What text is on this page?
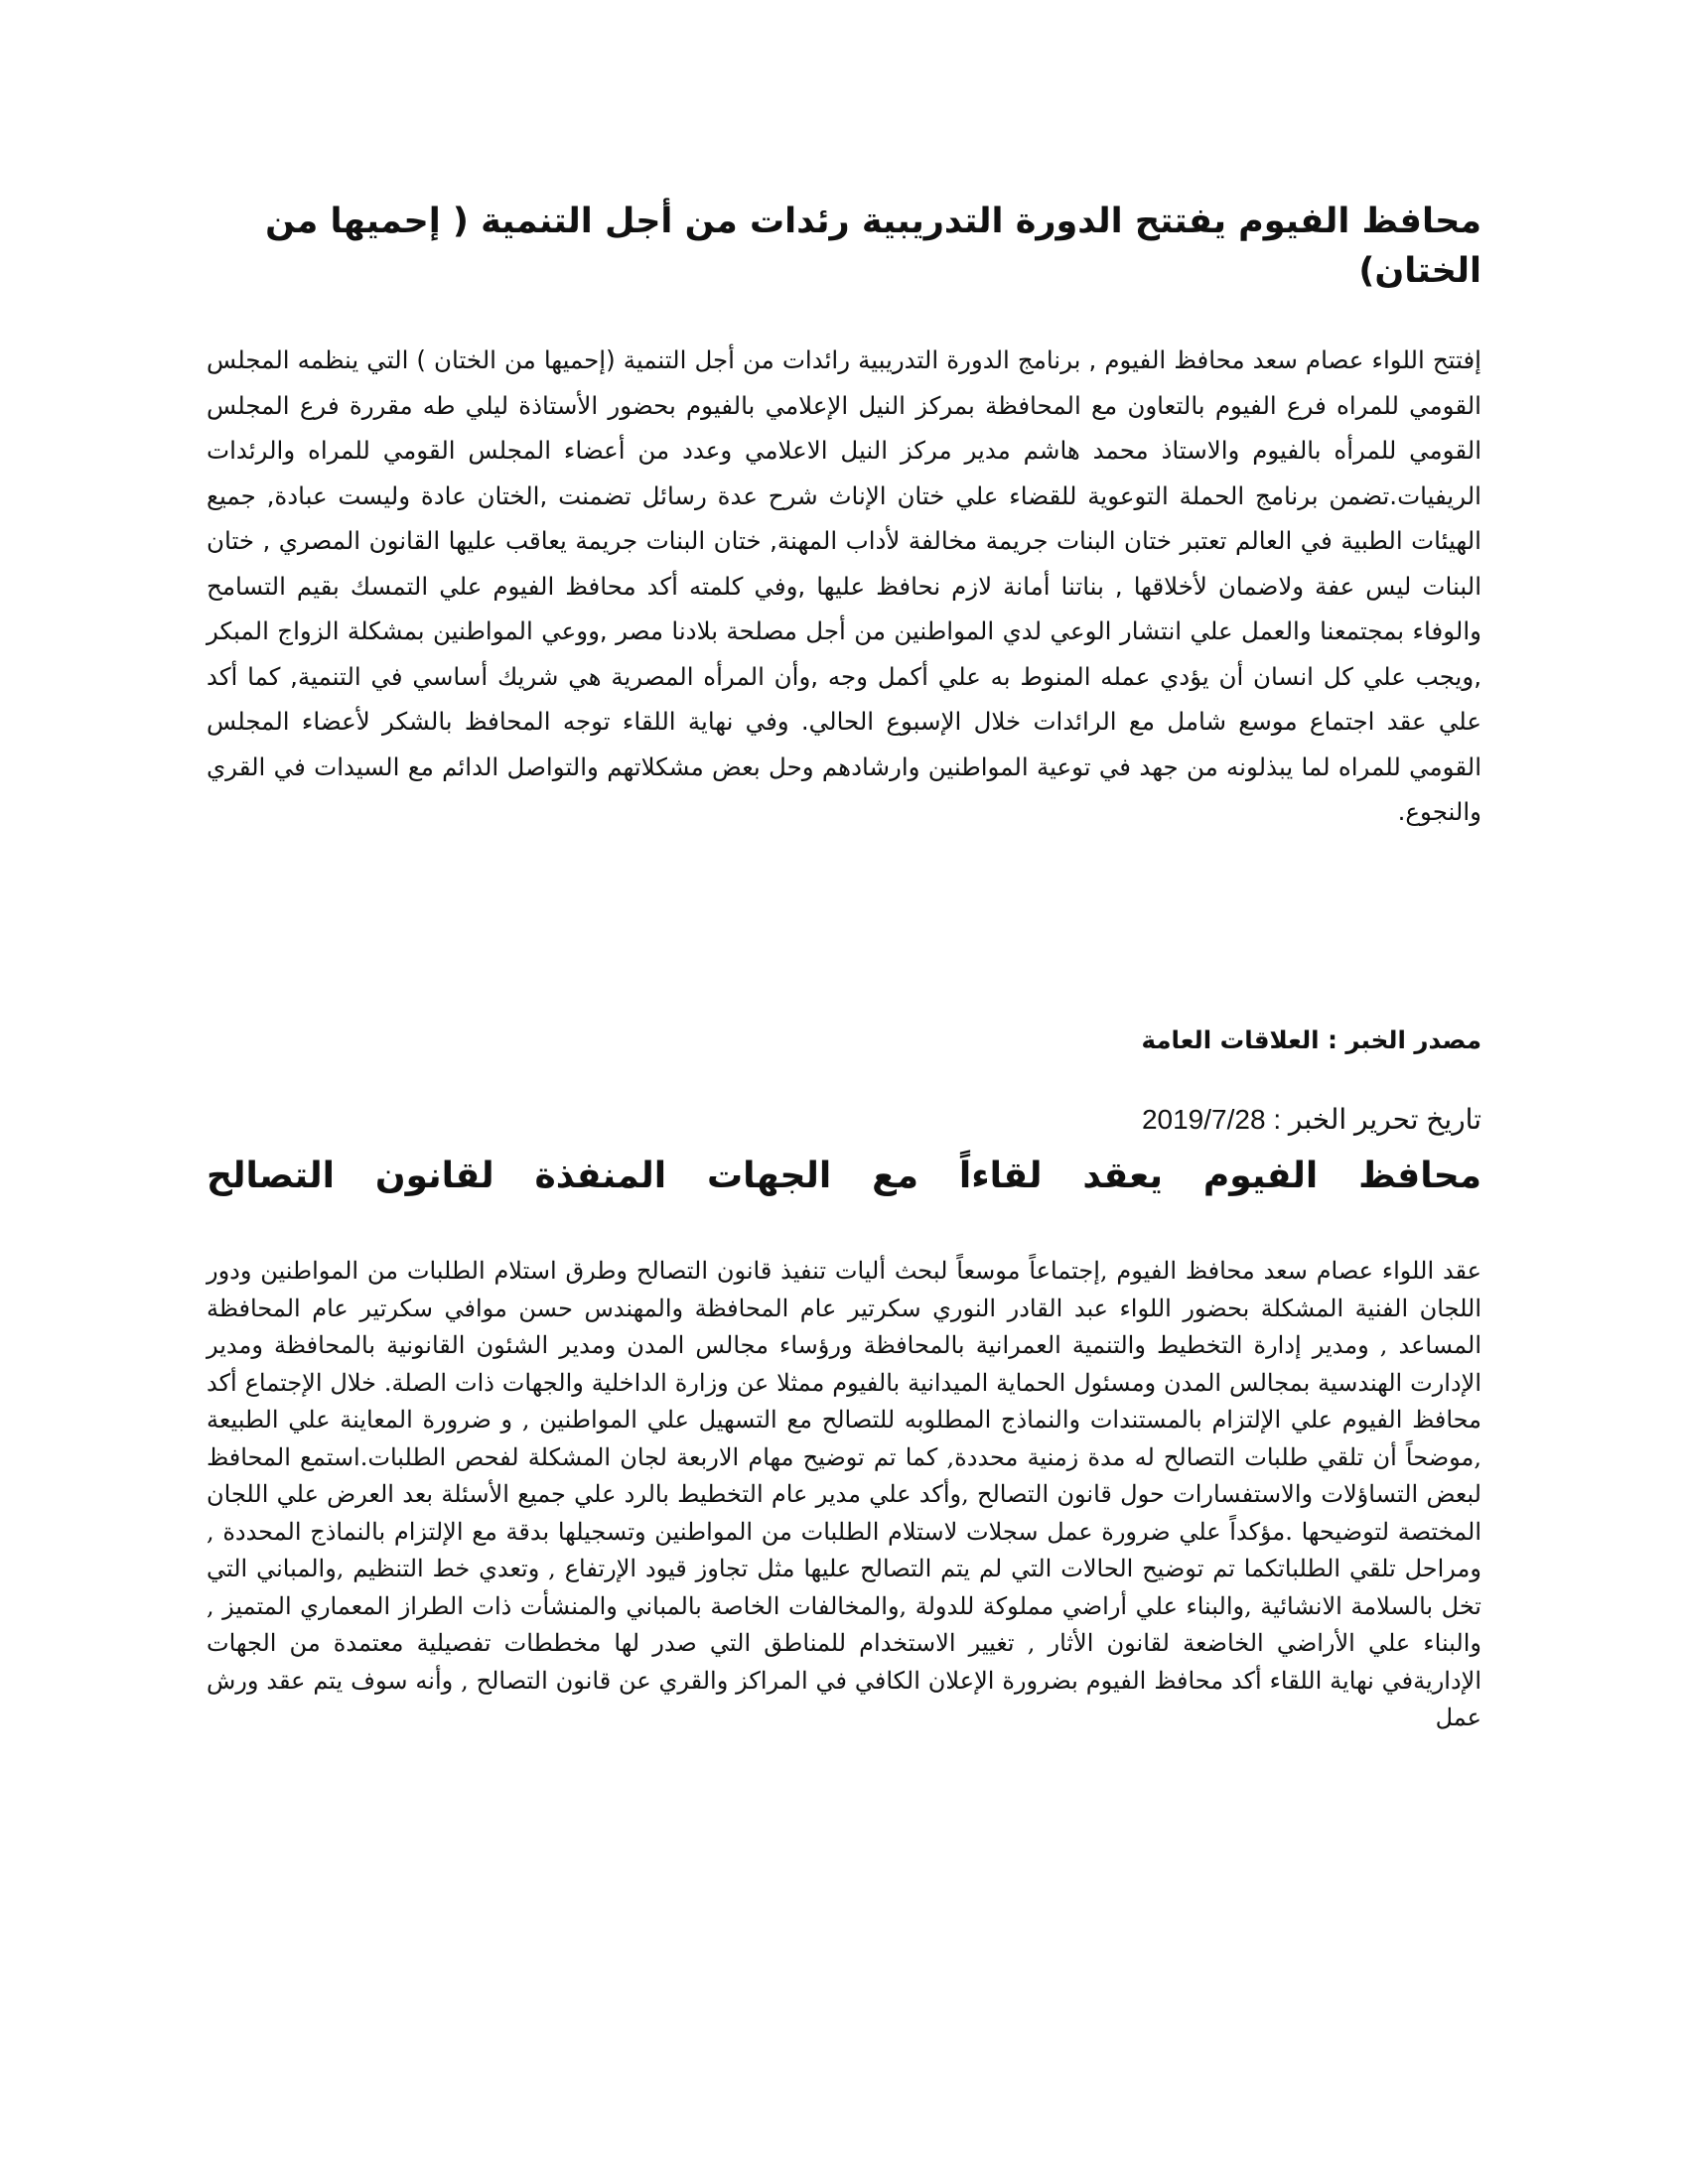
محافظ الفيوم يفتتح الدورة التدريبية رئدات من أجل التنمية ( إحميها من الختان)

إفتتح اللواء عصام سعد محافظ الفيوم , برنامج الدورة التدريبية رائدات من أجل التنمية (إحميها من الختان ) التي ينظمه المجلس القومي للمراه فرع الفيوم بالتعاون مع المحافظة بمركز النيل الإعلامي بالفيوم بحضور الأستاذة ليلي طه مقررة فرع المجلس القومي للمرأه بالفيوم والاستاذ محمد هاشم مدير مركز النيل الاعلامي وعدد من أعضاء المجلس القومي للمراه والرئدات الريفيات.تضمن برنامج الحملة التوعوية للقضاء علي ختان الإناث شرح عدة رسائل تضمنت ,الختان عادة وليست عبادة, جميع الهيئات الطبية في العالم تعتبر ختان البنات جريمة مخالفة لأداب المهنة, ختان البنات جريمة يعاقب عليها القانون المصري , ختان البنات ليس عفة ولاضمان لأخلاقها , بناتنا أمانة لازم نحافظ عليها ,وفي كلمته أكد محافظ الفيوم علي التمسك بقيم التسامح والوفاء بمجتمعنا والعمل علي انتشار الوعي لدي المواطنين من أجل مصلحة بلادنا مصر ,ووعي المواطنين بمشكلة الزواج المبكر ,ويجب علي كل انسان أن يؤدي عمله المنوط به علي أكمل وجه ,وأن المرأه المصرية هي شريك أساسي في التنمية, كما أكد علي عقد اجتماع موسع شامل مع الرائدات خلال الإسبوع الحالي. وفي نهاية اللقاء توجه المحافظ بالشكر لأعضاء المجلس القومي للمراه لما يبذلونه من جهد في توعية المواطنين وارشادهم وحل بعض مشكلاتهم والتواصل الدائم مع السيدات في القري والنجوع.

مصدر الخبر : العلاقات العامة

تاريخ تحرير الخبر : 2019/7/28

محافظ الفيوم يعقد لقاءاً مع الجهات المنفذة لقانون التصالح

عقد اللواء عصام سعد محافظ الفيوم ,إجتماعاً موسعاً لبحث أليات تنفيذ قانون التصالح وطرق استلام الطلبات من المواطنين ودور اللجان الفنية المشكلة بحضور اللواء عبد القادر النوري سكرتير عام المحافظة والمهندس حسن موافي سكرتير عام المحافظة المساعد , ومدير إدارة التخطيط والتنمية العمرانية بالمحافظة ورؤساء مجالس المدن ومدير الشئون القانونية بالمحافظة ومدير الإدارت الهندسية بمجالس المدن ومسئول الحماية الميدانية بالفيوم ممثلا عن وزارة الداخلية والجهات ذات الصلة. خلال الإجتماع أكد محافظ الفيوم علي الإلتزام بالمستندات والنماذج المطلوبه للتصالح مع التسهيل علي المواطنين , و ضرورة المعاينة علي الطبيعة ,موضحاً أن تلقي طلبات التصالح له مدة زمنية محددة, كما تم توضيح مهام الاربعة لجان المشكلة لفحص الطلبات.استمع المحافظ لبعض التساؤلات والاستفسارات حول قانون التصالح ,وأكد علي مدير عام التخطيط بالرد علي جميع الأسئلة بعد العرض علي اللجان المختصة لتوضيحها .مؤكداً علي ضرورة عمل سجلات لاستلام الطلبات من المواطنين وتسجيلها بدقة مع الإلتزام بالنماذج المحددة , ومراحل تلقي الطلباتكما تم توضيح الحالات التي لم يتم التصالح عليها مثل تجاوز قيود الإرتفاع , وتعدي خط التنظيم ,والمباني التي تخل بالسلامة الانشائية ,والبناء علي أراضي مملوكة للدولة ,والمخالفات الخاصة بالمباني والمنشأت ذات الطراز المعماري المتميز , والبناء علي الأراضي الخاضعة لقانون الأثار , تغيير الاستخدام للمناطق التي صدر لها مخططات تفصيلية معتمدة من الجهات الإداريةفي نهاية اللقاء أكد محافظ الفيوم بضرورة الإعلان الكافي في المراكز والقري عن قانون التصالح , وأنه سوف يتم عقد ورش عمل
